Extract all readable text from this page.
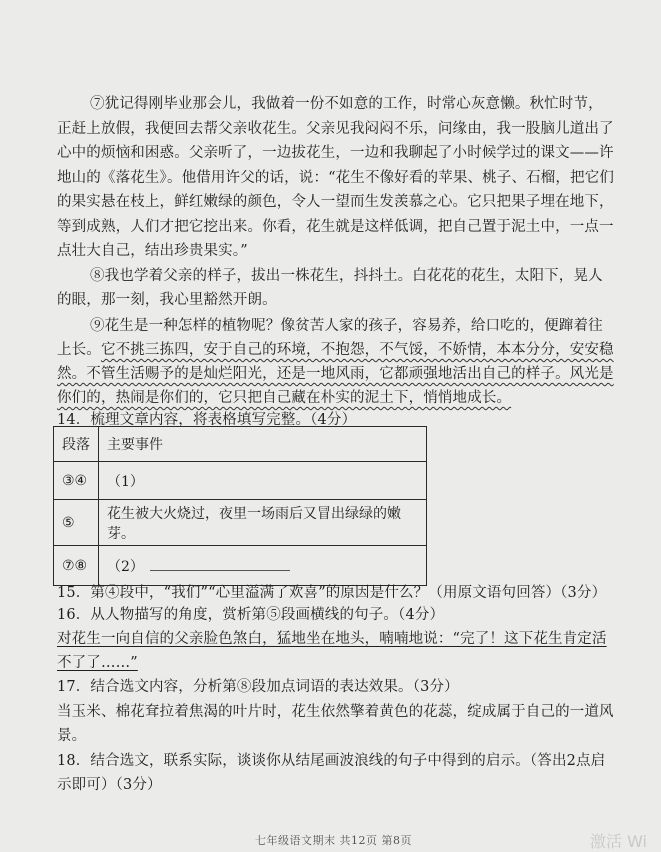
⑦犹记得刚毕业那会儿，我做着一份不如意的工作，时常心灰意懒。秋忙时节，
正赶上放假，我便回去帮父亲收花生。父亲见我闷闷不乐，问缘由，我一股脑儿道出了
心中的烦恼和困惑。父亲听了，一边拔花生，一边和我聊起了小时候学过的课文——许
地山的《落花生》。他借用许父的话，说：“花生不像好看的苹果、桃子、石榴，把它们
的果实悬在枝上，鲜红嫩绿的颜色，令人一望而生发羡慕之心。它只把果子埋在地下，
等到成熟，人们才把它挖出来。你看，花生就是这样低调，把自己置于泥土中，一点一
点壮大自己，结出珍贵果实。”
⑧我也学着父亲的样子，拔出一株花生，抖抖土。白花花的花生，太阳下，晃人
的眼，那一刻，我心里豁然开朗。
⑨花生是一种怎样的植物呢？像贫苦人家的孩子，容易养，给口吃的，便蹿着往
上长。它不挑三拣四，安于自己的环境，不抱怨，不气馁，不娇情，本本分分，安安稳
然。不管生活赐予的是灿烂阳光，还是一地风雨，它都顽强地活出自己的样子。风光是
你们的，热闹是你们的，它只把自己藏在朴实的泥土下，悄悄地成长。
14．梳理文章内容，将表格填写完整。（4分）
段落	主要事件
③④	（1）
⑤	花生被大火烧过，夜里一场雨后又冒出绿绿的嫩芽。
⑦⑧	（2）
15．第④段中，“我们”“心里溢满了欢喜”的原因是什么？（用原文语句回答）（3分）
16．从人物描写的角度，赏析第⑤段画横线的句子。（4分）
对花生一向自信的父亲脸色煞白，猛地坐在地头，喃喃地说：“完了！这下花生肯定活
不了了……”
17．结合选文内容，分析第⑧段加点词语的表达效果。（3分）
当玉米、棉花耷拉着焦渴的叶片时，花生依然擎着黄色的花蕊，绽成属于自己的一道风
景。
18．结合选文，联系实际，谈谈你从结尾画波浪线的句子中得到的启示。（答出2点启
示即可）（3分）
七年级语文期末 共12页 第8页	激活 Wi
